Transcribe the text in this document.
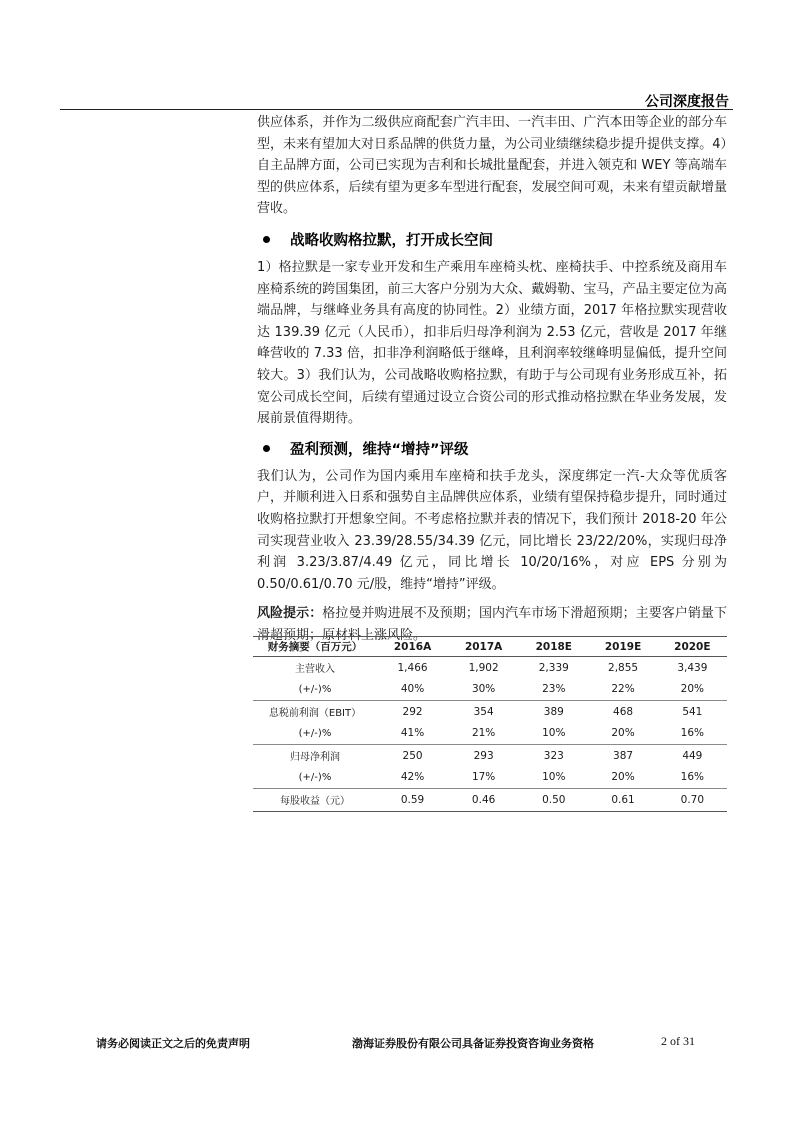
公司深度报告

供应体系，并作为二级供应商配套广汽丰田、一汽丰田、广汽本田等企业的部分车型，未来有望加大对日系品牌的供货力量，为公司业绩继续稳步提升提供支撑。4）自主品牌方面，公司已实现为吉利和长城批量配套，并进入领克和 WEY 等高端车型的供应体系，后续有望为更多车型进行配套，发展空间可观，未来有望贡献增量营收。

战略收购格拉默，打开成长空间

1）格拉默是一家专业开发和生产乘用车座椅头枕、座椅扶手、中控系统及商用车座椅系统的跨国集团，前三大客户分别为大众、戴姆勒、宝马，产品主要定位为高端品牌，与继峰业务具有高度的协同性。2）业绩方面，2017 年格拉默实现营收达 139.39 亿元（人民币），扣非后归母净利润为 2.53 亿元，营收是 2017 年继峰营收的 7.33 倍，扣非净利润略低于继峰，且利润率较继峰明显偏低，提升空间较大。3）我们认为，公司战略收购格拉默，有助于与公司现有业务形成互补，拓宽公司成长空间，后续有望通过设立合资公司的形式推动格拉默在华业务发展，发展前景值得期待。

盈利预测，维持“增持”评级

我们认为，公司作为国内乘用车座椅和扶手龙头，深度绑定一汽-大众等优质客户，并顺利进入日系和强势自主品牌供应体系，业绩有望保持稳步提升，同时通过收购格拉默打开想象空间。不考虑格拉默并表的情况下，我们预计 2018-20 年公司实现营业收入 23.39/28.55/34.39 亿元，同比增长 23/22/20%，实现归母净利润 3.23/3.87/4.49 亿元，同比增长 10/20/16%，对应 EPS 分别为 0.50/0.61/0.70 元/股，维持“增持”评级。

风险提示：格拉曼并购进展不及预期；国内汽车市场下滑超预期；主要客户销量下滑超预期；原材料上涨风险。

财务摘要（百万元）	2016A	2017A	2018E	2019E	2020E
主营收入	1,466	1,902	2,339	2,855	3,439
(+/-)%	40%	30%	23%	22%	20%
息税前利润（EBIT）	292	354	389	468	541
(+/-)%	41%	21%	10%	20%	16%
归母净利润	250	293	323	387	449
(+/-)%	42%	17%	10%	20%	16%
每股收益（元）	0.59	0.46	0.50	0.61	0.70
请务必阅读正文之后的免责声明	渤海证券股份有限公司具备证券投资咨询业务资格	2 of 31
